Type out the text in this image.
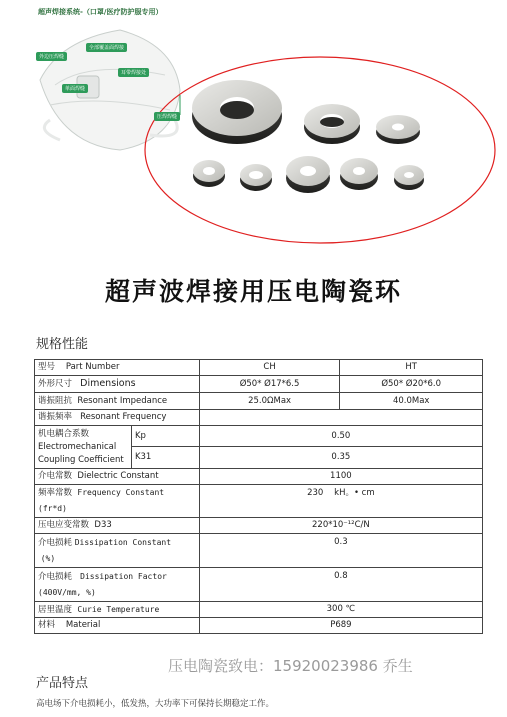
超声焊接系统-（口罩/医疗防护服专用）
外边压焊缝
全部覆盖面焊接
耳带焊接处
单面焊缝
压焊焊缝
超声波焊接用压电陶瓷环
规格性能
型号 Part Number		CH	HT
外形尺寸 Dimensions		Ø50* Ø17*6.5	Ø50* Ø20*6.0
谐振阻抗 Resonant Impedance		25.0ΩMax	40.0Max
谐振频率 Resonant Frequency			
机电耦合系数
Electromechanical
Coupling Coefficient	Kp	0.50	
	K31	0.35	
介电常数 Dielectric Constant		1100	
频率常数 Frequency Constant
(fr*d)		230 kH。• cm	
压电应变常数 D33		220*10⁻¹²C/N	
介电损耗 Dissipation Constant
(%)		0.3	
介电损耗 Dissipation Factor
(400V/mm, %)		0.8	
居里温度 Curie Temperature		300 ℃	
材料 Material		P689	
压电陶瓷致电：15920023986 乔生
产品特点
高电场下介电损耗小，低发热，大功率下可保持长期稳定工作。
